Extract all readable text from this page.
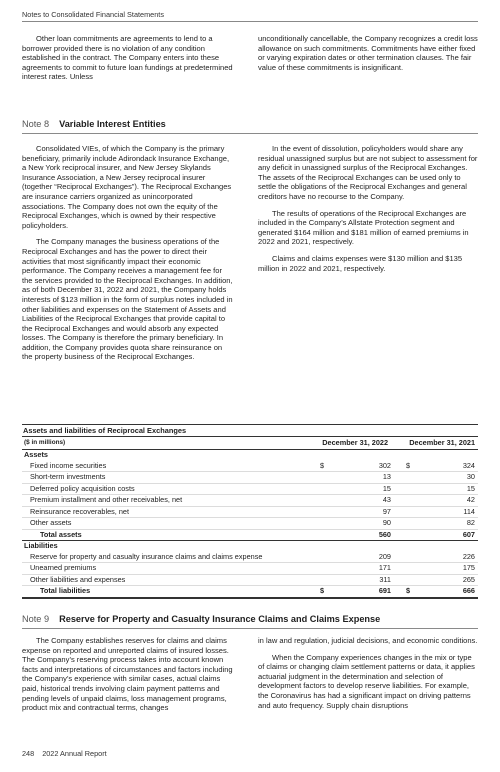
Notes to Consolidated Financial Statements

Other loan commitments are agreements to lend to a borrower provided there is no violation of any condition established in the contract. The Company enters into these agreements to commit to future loan fundings at predetermined interest rates. Unless

unconditionally cancellable, the Company recognizes a credit loss allowance on such commitments. Commitments have either fixed or varying expiration dates or other termination clauses. The fair value of these commitments is insignificant.

Note 8 Variable Interest Entities

Consolidated VIEs, of which the Company is the primary beneficiary, primarily include Adirondack Insurance Exchange, a New York reciprocal insurer, and New Jersey Skylands Insurance Association, a New Jersey reciprocal insurer (together “Reciprocal Exchanges”). The Reciprocal Exchanges are insurance carriers organized as unincorporated associations. The Company does not own the equity of the Reciprocal Exchanges, which is owned by their respective policyholders.

The Company manages the business operations of the Reciprocal Exchanges and has the power to direct their activities that most significantly impact their economic performance. The Company receives a management fee for the services provided to the Reciprocal Exchanges. In addition, as of both December 31, 2022 and 2021, the Company holds interests of $123 million in the form of surplus notes included in other liabilities and expenses on the Statement of Assets and Liabilities of the Reciprocal Exchanges that provide capital to the Reciprocal Exchanges and would absorb any expected losses. The Company is therefore the primary beneficiary. In addition, the Company provides quota share reinsurance on the property business of the Reciprocal Exchanges.

In the event of dissolution, policyholders would share any residual unassigned surplus but are not subject to assessment for any deficit in unassigned surplus of the Reciprocal Exchanges. The assets of the Reciprocal Exchanges can be used only to settle the obligations of the Reciprocal Exchanges and general creditors have no recourse to the Company.

The results of operations of the Reciprocal Exchanges are included in the Company’s Allstate Protection segment and generated $164 million and $181 million of earned premiums in 2022 and 2021, respectively.

Claims and claims expenses were $130 million and $135 million in 2022 and 2021, respectively.

Assets and liabilities of Reciprocal Exchanges
($ in millions)	December 31, 2022	December 31, 2021
Assets
Fixed income securities	$	302	$	324
Short-term investments	13	30
Deferred policy acquisition costs	15	15
Premium installment and other receivables, net	43	42
Reinsurance recoverables, net	97	114
Other assets	90	82
Total assets	560	607
Liabilities
Reserve for property and casualty insurance claims and claims expense	209	226
Unearned premiums	171	175
Other liabilities and expenses	311	265
Total liabilities	$	691	$	666
Note 9 Reserve for Property and Casualty Insurance Claims and Claims Expense

The Company establishes reserves for claims and claims expense on reported and unreported claims of insured losses. The Company’s reserving process takes into account known facts and interpretations of circumstances and factors including the Company’s experience with similar cases, actual claims paid, historical trends involving claim payment patterns and pending levels of unpaid claims, loss management programs, product mix and contractual terms, changes

in law and regulation, judicial decisions, and economic conditions.

When the Company experiences changes in the mix or type of claims or changing claim settlement patterns or data, it applies actuarial judgment in the determination and selection of development factors to develop reserve liabilities. For example, the Coronavirus has had a significant impact on driving patterns and auto frequency. Supply chain disruptions

248 2022 Annual Report
